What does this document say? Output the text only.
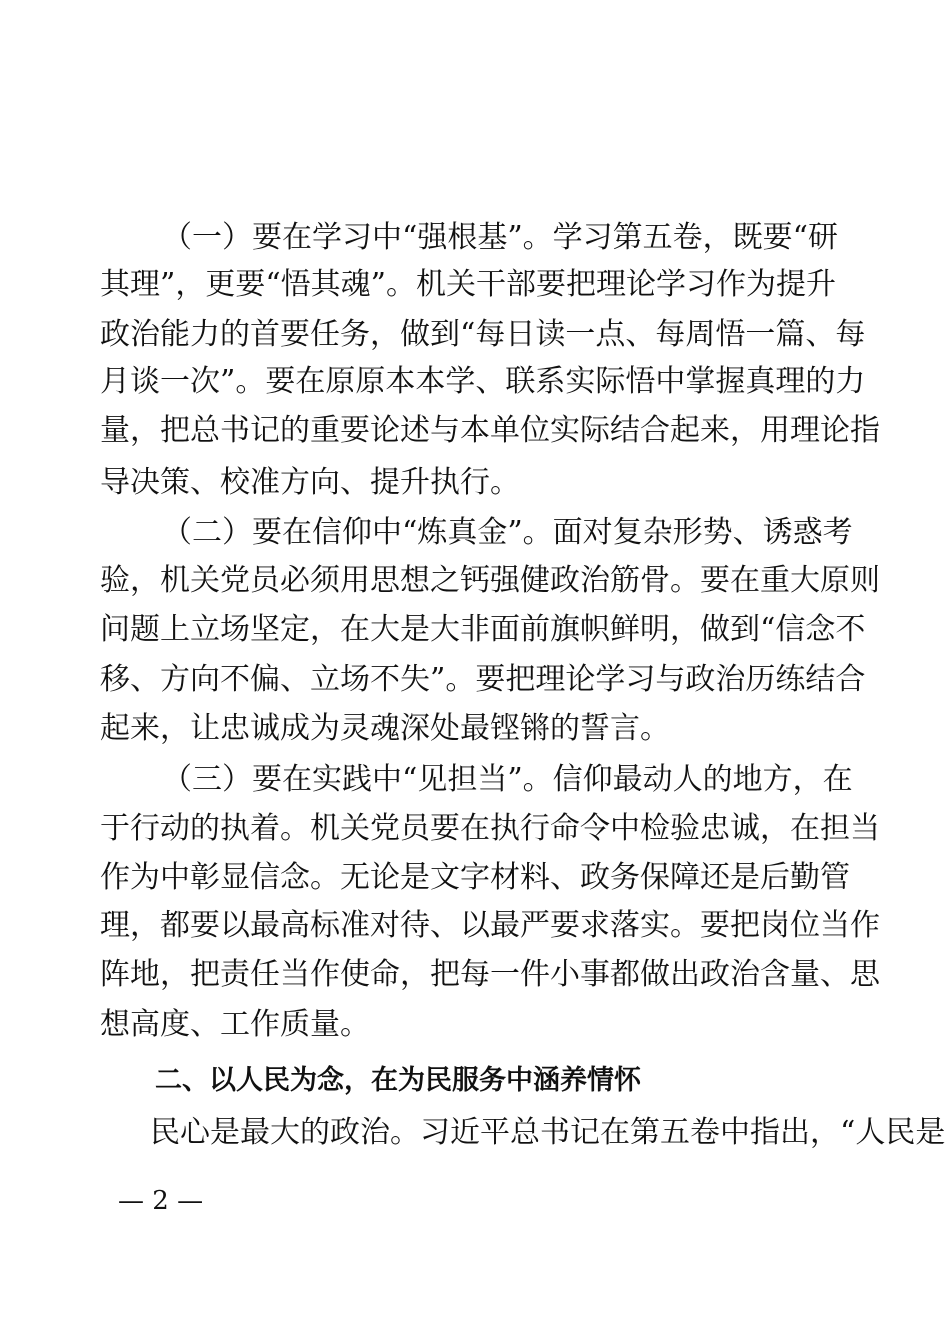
（一）要在学习中“强根基”。学习第五卷，既要“研
其理”，更要“悟其魂”。机关干部要把理论学习作为提升
政治能力的首要任务，做到“每日读一点、每周悟一篇、每
月谈一次”。要在原原本本学、联系实际悟中掌握真理的力
量，把总书记的重要论述与本单位实际结合起来，用理论指
导决策、校准方向、提升执行。
（二）要在信仰中“炼真金”。面对复杂形势、诱惑考
验，机关党员必须用思想之钙强健政治筋骨。要在重大原则
问题上立场坚定，在大是大非面前旗帜鲜明，做到“信念不
移、方向不偏、立场不失”。要把理论学习与政治历练结合
起来，让忠诚成为灵魂深处最铿锵的誓言。
（三）要在实践中“见担当”。信仰最动人的地方，在
于行动的执着。机关党员要在执行命令中检验忠诚，在担当
作为中彰显信念。无论是文字材料、政务保障还是后勤管
理，都要以最高标准对待、以最严要求落实。要把岗位当作
阵地，把责任当作使命，把每一件小事都做出政治含量、思
想高度、工作质量。
二、以人民为念，在为民服务中涵养情怀
民心是最大的政治。习近平总书记在第五卷中指出，“人民是
— 2 —
